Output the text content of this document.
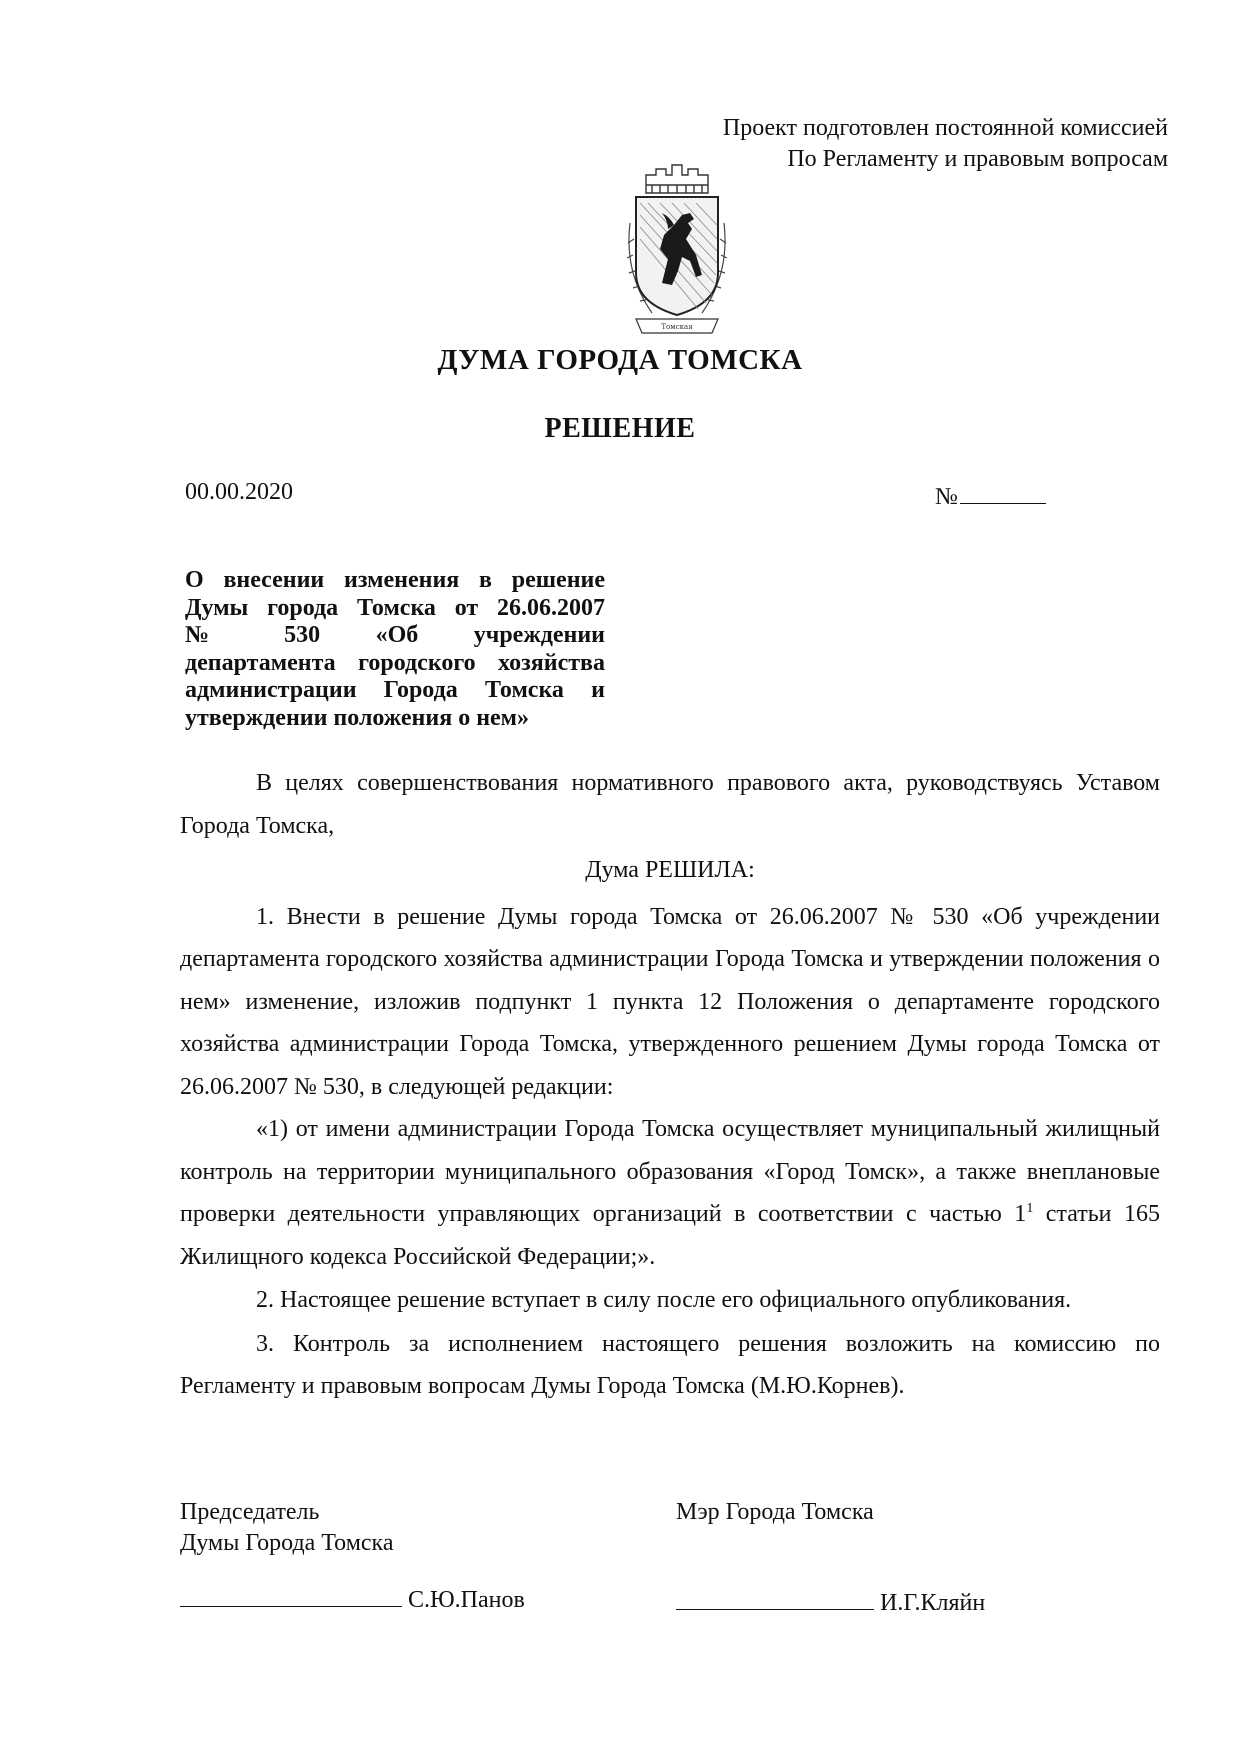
Проект подготовлен постоянной комиссией
По Регламенту и правовым вопросам
Томская
ДУМА ГОРОДА ТОМСКА
РЕШЕНИЕ
00.00.2020	№
О внесении изменения в решение
Думы города Томска от 26.06.2007
№ 530 «Об учреждении
департамента городского хозяйства
администрации Города Томска и
утверждении положения о нем»

В целях совершенствования нормативного правового акта, руководствуясь Уставом Города Томска,

Дума РЕШИЛА:

1. Внести в решение Думы города Томска от 26.06.2007 № 530 «Об учреждении департамента городского хозяйства администрации Города Томска и утверждении положения о нем» изменение, изложив подпункт 1 пункта 12 Положения о департаменте городского хозяйства администрации Города Томска, утвержденного решением Думы города Томска от 26.06.2007 № 530, в следующей редакции:

«1) от имени администрации Города Томска осуществляет муниципальный жилищный контроль на территории муниципального образования «Город Томск», а также внеплановые проверки деятельности управляющих организаций в соответствии с частью $1^1$ статьи 165 Жилищного кодекса Российской Федерации;».

2. Настоящее решение вступает в силу после его официального опубликования.

3. Контроль за исполнением настоящего решения возложить на комиссию по Регламенту и правовым вопросам Думы Города Томска (М.Ю.Корнев).

Председатель
Думы Города Томска
Мэр Города Томска
С.Ю.Панов	И.Г.Кляйн
